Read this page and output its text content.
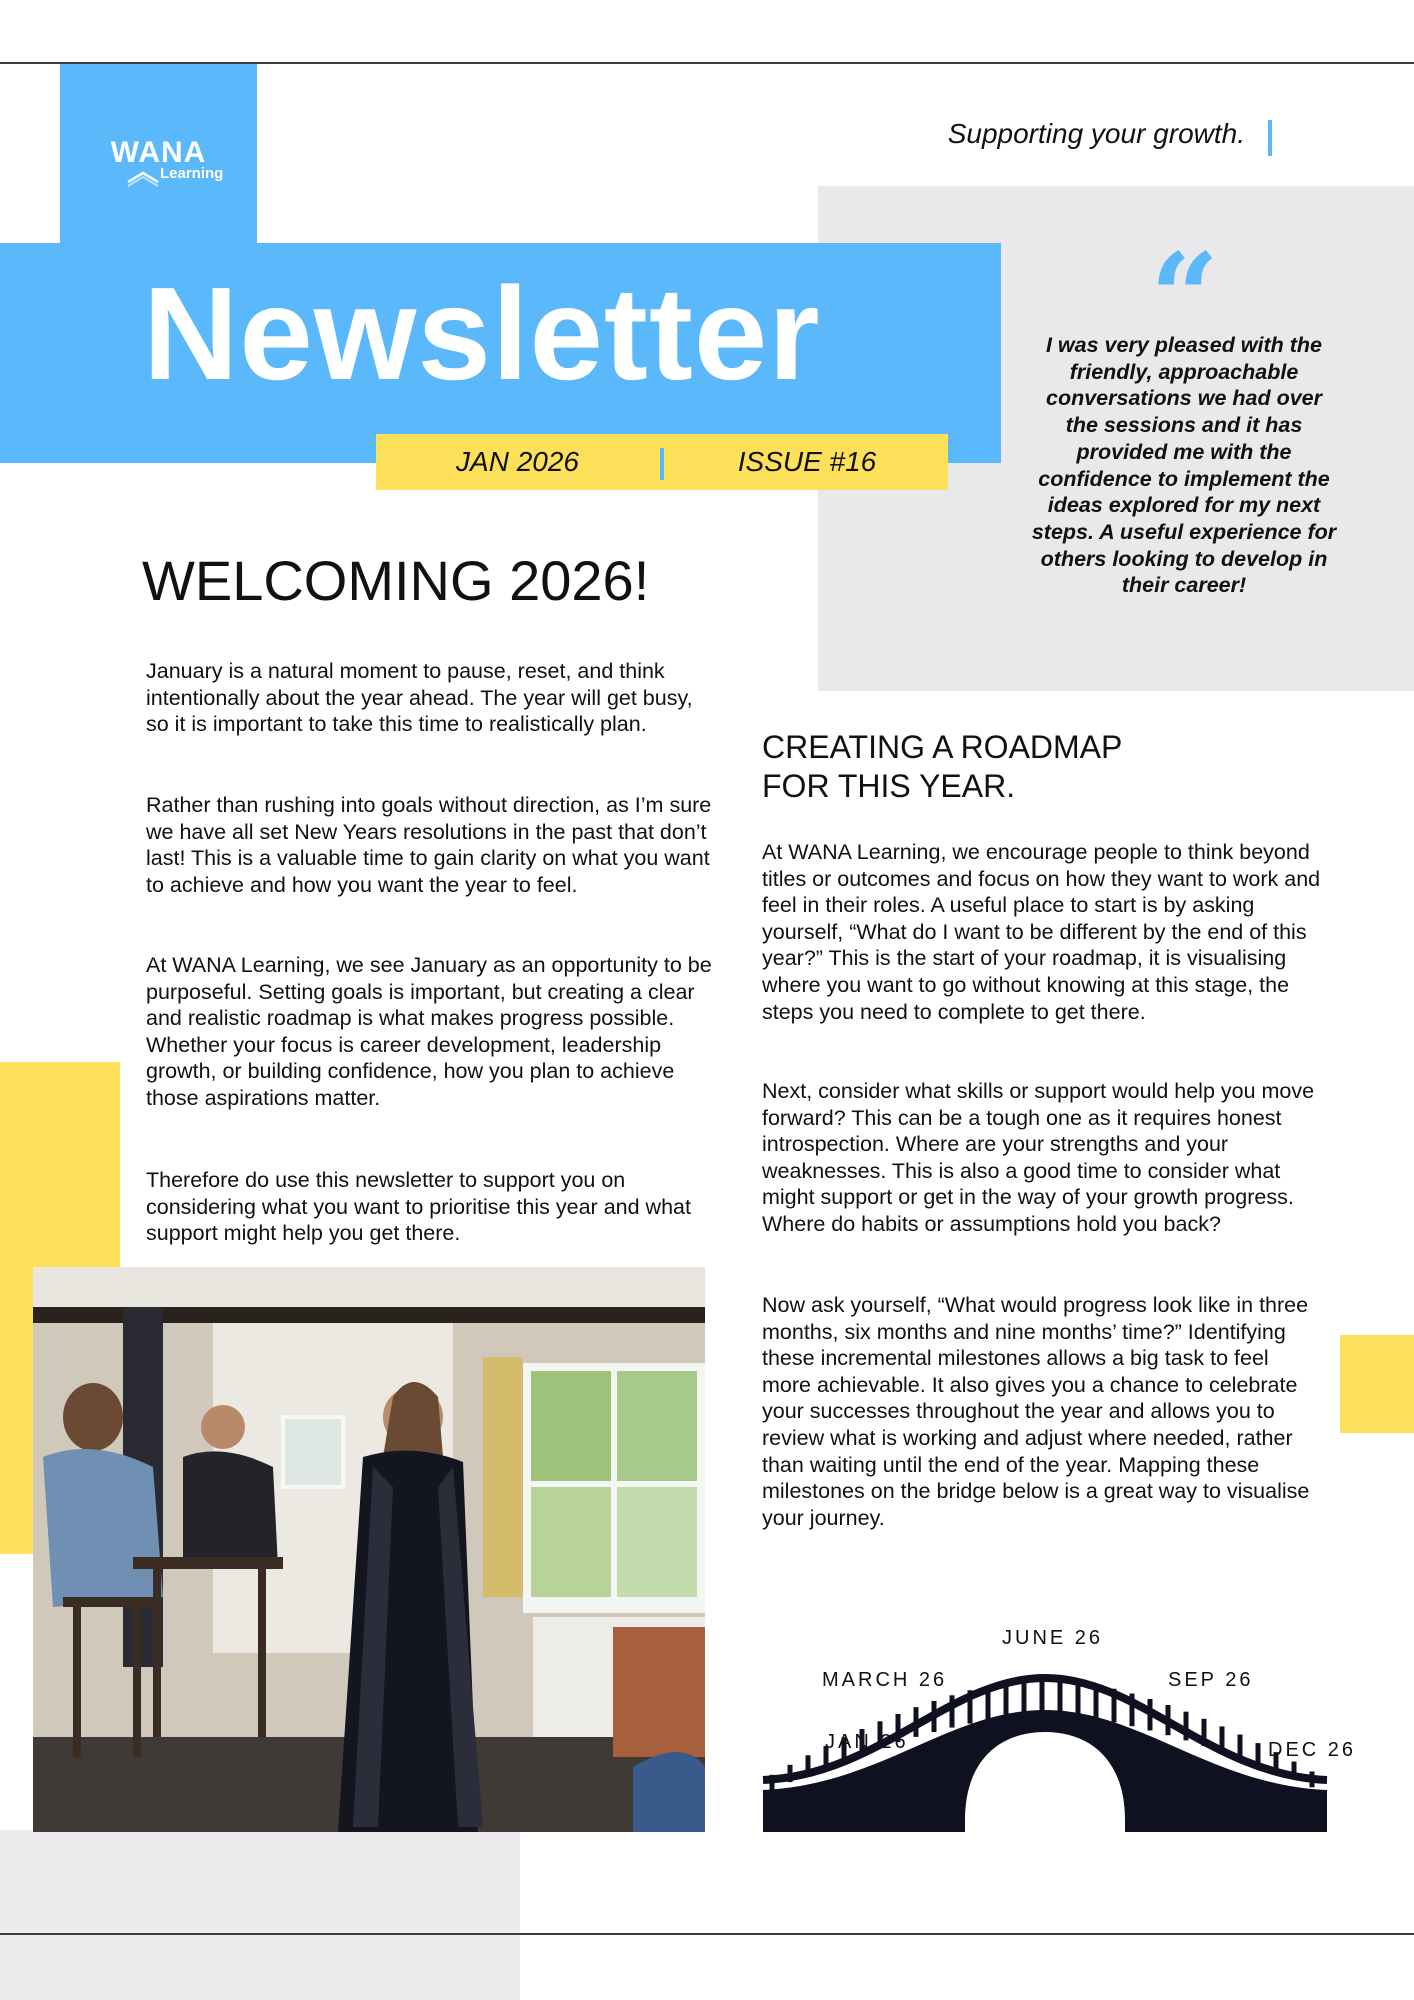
WANA
Learning
Supporting your growth.
Newsletter
JAN 2026	ISSUE #16
“
I was very pleased with the friendly, approachable conversations we had over the sessions and it has provided me with the confidence to implement the ideas explored for my next steps. A useful experience for others looking to develop in their career!
WELCOMING 2026!
January is a natural moment to pause, reset, and think intentionally about the year ahead. The year will get busy, so it is important to take this time to realistically plan.
Rather than rushing into goals without direction, as I’m sure we have all set New Years resolutions in the past that don’t last! This is a valuable time to gain clarity on what you want to achieve and how you want the year to feel.
At WANA Learning, we see January as an opportunity to be purposeful. Setting goals is important, but creating a clear and realistic roadmap is what makes progress possible. Whether your focus is career development, leadership growth, or building confidence, how you plan to achieve those aspirations matter.
Therefore do use this newsletter to support you on considering what you want to prioritise this year and what support might help you get there.
CREATING A ROADMAP
FOR THIS YEAR.
At WANA Learning, we encourage people to think beyond titles or outcomes and focus on how they want to work and feel in their roles. A useful place to start is by asking yourself, “What do I want to be different by the end of this year?” This is the start of your roadmap, it is visualising where you want to go without knowing at this stage, the steps you need to complete to get there.
Next, consider what skills or support would help you move forward? This can be a tough one as it requires honest introspection. Where are your strengths and your weaknesses. This is also a good time to consider what might support or get in the way of your growth progress. Where do habits or assumptions hold you back?
Now ask yourself, “What would progress look like in three months, six months and nine months’ time?” Identifying these incremental milestones allows a big task to feel more achievable. It also gives you a chance to celebrate your successes throughout the year and allows you to review what is working and adjust where needed, rather than waiting until the end of the year. Mapping these milestones on the bridge below is a great way to visualise your journey.
JAN 26
MARCH 26
JUNE 26
SEP 26
DEC 26
